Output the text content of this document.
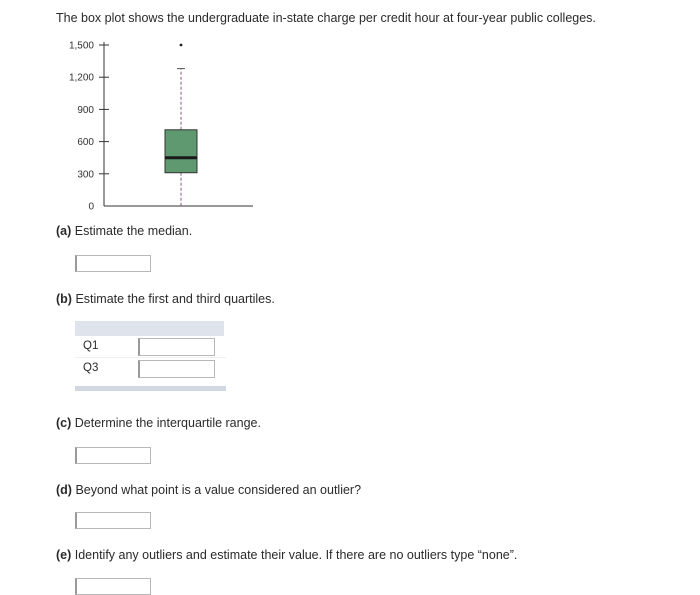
The box plot shows the undergraduate in-state charge per credit hour at four-year public colleges.
0
300
600
900
1,200
1,500
(a) Estimate the median.
(b) Estimate the first and third quartiles.
Q1
Q3
(c) Determine the interquartile range.
(d) Beyond what point is a value considered an outlier?
(e) Identify any outliers and estimate their value. If there are no outliers type “none”.
